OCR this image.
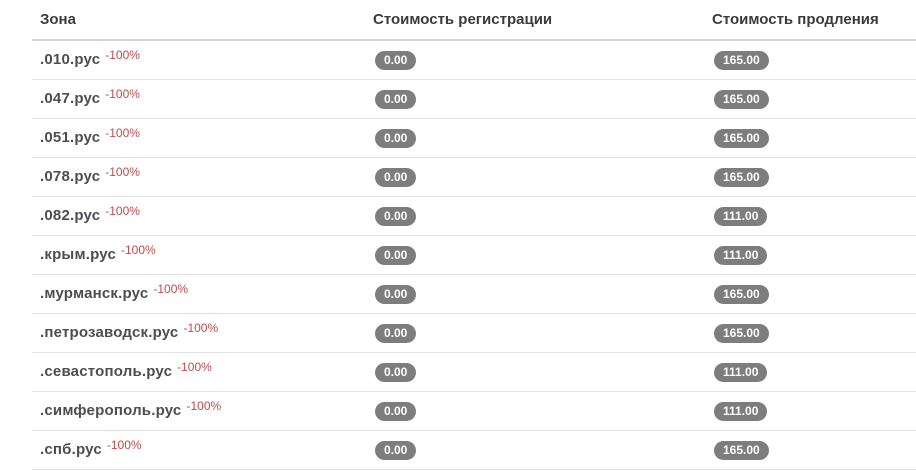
Зона	Стоимость регистрации	Стоимость продления
.010.рус $^{-100\%}$	0.00	165.00
.047.рус $^{-100\%}$	0.00	165.00
.051.рус $^{-100\%}$	0.00	165.00
.078.рус $^{-100\%}$	0.00	165.00
.082.рус $^{-100\%}$	0.00	111.00
.крым.рус $^{-100\%}$	0.00	111.00
.мурманск.рус $^{-100\%}$	0.00	165.00
.петрозаводск.рус $^{-100\%}$	0.00	165.00
.севастополь.рус $^{-100\%}$	0.00	111.00
.симферополь.рус $^{-100\%}$	0.00	111.00
.спб.рус $^{-100\%}$	0.00	165.00
